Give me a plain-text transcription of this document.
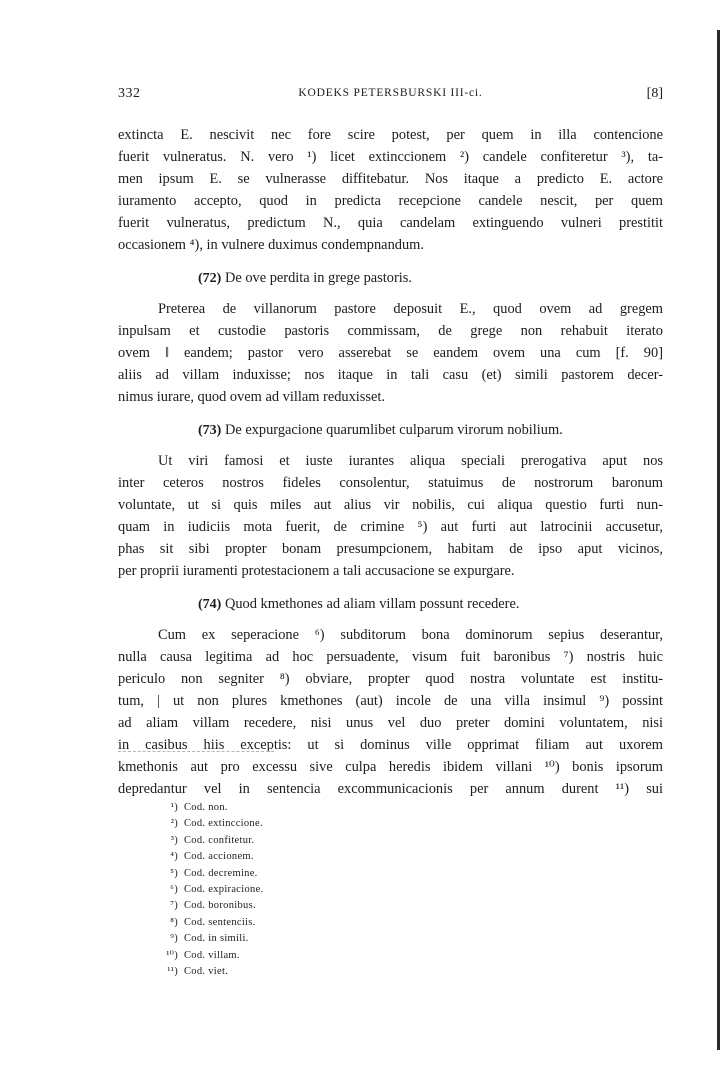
332	KODEKS PETERSBURSKI III-ci.	[8]
extincta E. nescivit nec fore scire potest, per quem in illa contencione
fuerit vulneratus. N. vero ¹) licet extinccionem ²) candele confiteretur ³), ta-
men ipsum E. se vulnerasse diffitebatur. Nos itaque a predicto E. actore
iuramento accepto, quod in predicta recepcione candele nescit, per quem
fuerit vulneratus, predictum N., quia candelam extinguendo vulneri prestitit
occasionem ⁴), in vulnere duximus condempnandum.
(72) De ove perdita in grege pastoris.
Preterea de villanorum pastore deposuit E., quod ovem ad gregem
inpulsam et custodie pastoris commissam, de grege non rehabuit iterato
ovem ‖ eandem; pastor vero asserebat se eandem ovem una cum [f. 90]
aliis ad villam induxisse; nos itaque in tali casu (et) simili pastorem decer-
nimus iurare, quod ovem ad villam reduxisset.
(73) De expurgacione quarumlibet culparum virorum nobilium.
Ut viri famosi et iuste iurantes aliqua speciali prerogativa aput nos
inter ceteros nostros fideles consolentur, statuimus de nostrorum baronum
voluntate, ut si quis miles aut alius vir nobilis, cui aliqua questio furti nun-
quam in iudiciis mota fuerit, de crimine ⁵) aut furti aut latrocinii accusetur,
phas sit sibi propter bonam presumpcionem, habitam de ipso aput vicinos,
per proprii iuramenti protestacionem a tali accusacione se expurgare.
(74) Quod kmethones ad aliam villam possunt recedere.
Cum ex seperacione ⁶) subditorum bona dominorum sepius deserantur,
nulla causa legitima ad hoc persuadente, visum fuit baronibus ⁷) nostris huic
periculo non segniter ⁸) obviare, propter quod nostra voluntate est institu-
tum, | ut non plures kmethones (aut) incole de una villa insimul ⁹) possint
ad aliam villam recedere, nisi unus vel duo preter domini voluntatem, nisi
in casibus hiis exceptis: ut si dominus ville opprimat filiam aut uxorem
kmethonis aut pro excessu sive culpa heredis ibidem villani ¹⁰) bonis ipsorum
depredantur vel in sentencia excommunicacionis per annum durent ¹¹) sui
¹) Cod. non.
²) Cod. extinccione.
³) Cod. confitetur.
⁴) Cod. accionem.
⁵) Cod. decremine.
⁶) Cod. expiracione.
⁷) Cod. boronibus.
⁸) Cod. sentenciis.
⁹) Cod. in simili.
¹⁰) Cod. villam.
¹¹) Cod. viet.
